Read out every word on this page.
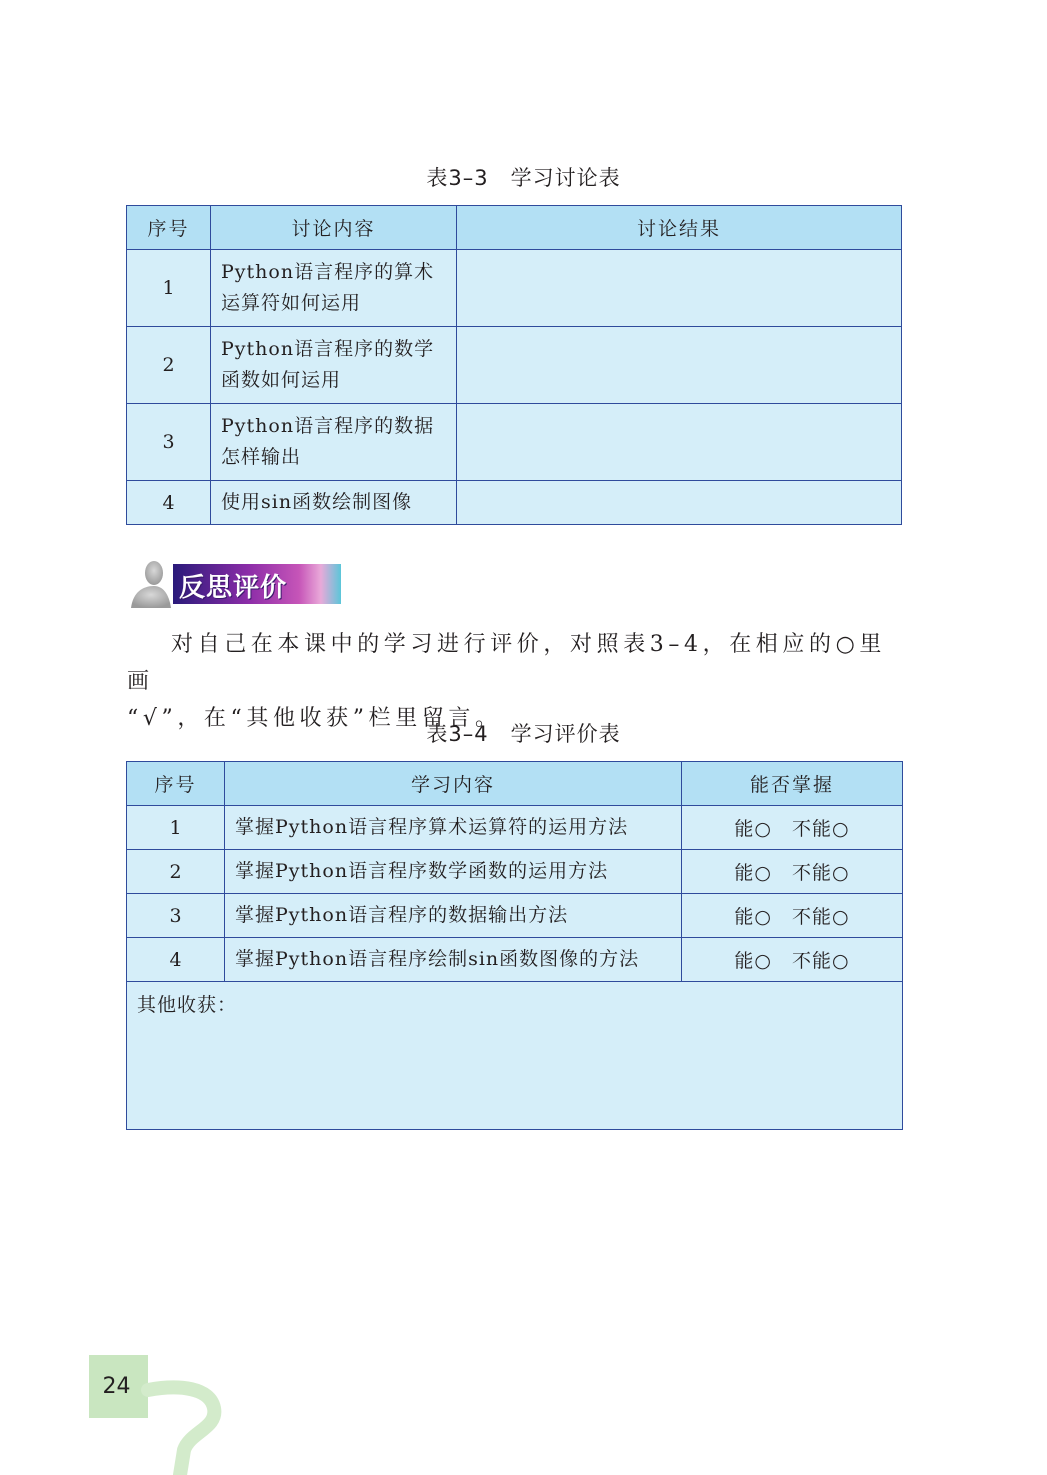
表3–3　学习讨论表
序号	讨论内容	讨论结果
1	Python语言程序的算术
运算符如何运用	

2	Python语言程序的数学
函数如何运用	

3	Python语言程序的数据
怎样输出	

4	使用sin函数绘制图像	
反思评价
对自己在本课中的学习进行评价，对照表3–4，在相应的○里画
“√”，在“其他收获”栏里留言。
表3–4　学习评价表
序号	学习内容	能否掌握
1	掌握Python语言程序算术运算符的运用方法	能○　不能○
2	掌握Python语言程序数学函数的运用方法	能○　不能○
3	掌握Python语言程序的数据输出方法	能○　不能○
4	掌握Python语言程序绘制sin函数图像的方法	能○　不能○
其他收获：		
24
